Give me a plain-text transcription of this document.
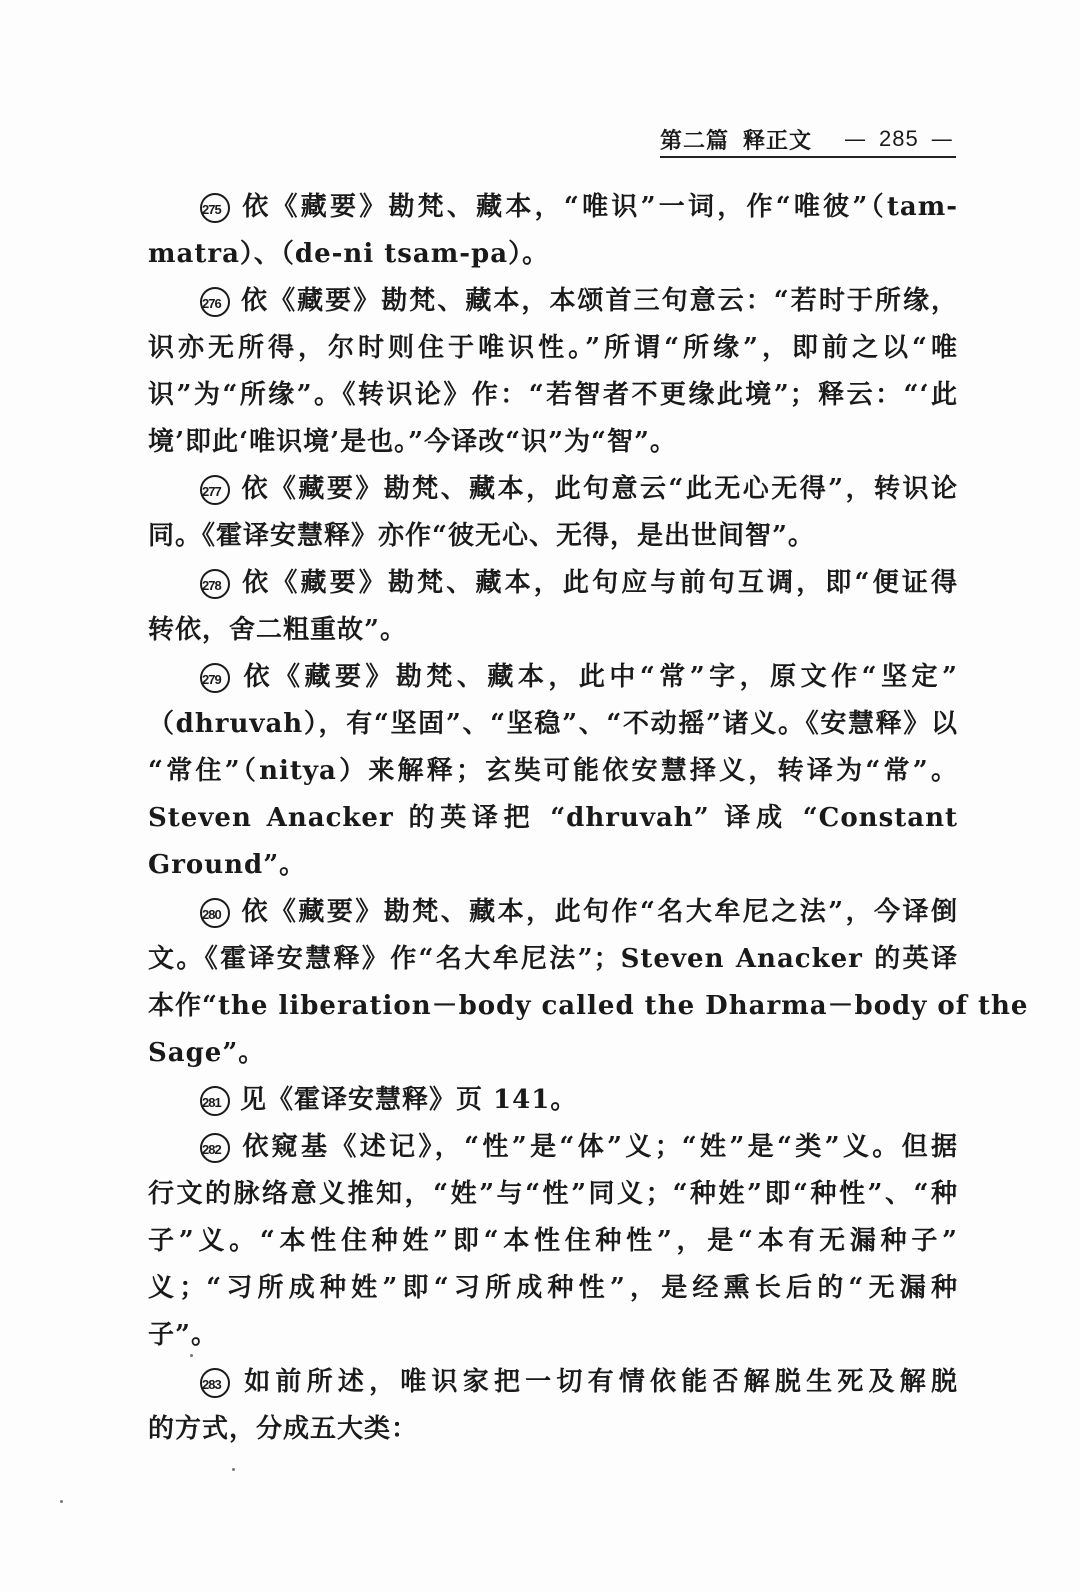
第二篇 释正文 — 285 —
275 依《藏要》勘梵、藏本，“唯识”一词，作“唯彼”（tam-
matra）、（de-ni tsam-pa）。
276 依《藏要》勘梵、藏本，本颂首三句意云：“若时于所缘，
识亦无所得，尔时则住于唯识性。”所谓“所缘”，即前之以“唯
识”为“所缘”。《转识论》作：“若智者不更缘此境”；释云：“‘此
境’即此‘唯识境’是也。”今译改“识”为“智”。
277 依《藏要》勘梵、藏本，此句意云“此无心无得”，转识论
同。《霍译安慧释》亦作“彼无心、无得，是出世间智”。
278 依《藏要》勘梵、藏本，此句应与前句互调，即“便证得
转依，舍二粗重故”。
279 依《藏要》勘梵、藏本，此中“常”字，原文作“坚定”
（dhruvah），有“坚固”、“坚稳”、“不动摇”诸义。《安慧释》以
“常住”（nitya）来解释；玄奘可能依安慧择义，转译为“常”。
Steven Anacker 的英译把 “dhruvah” 译成 “Constant
Ground”。
280 依《藏要》勘梵、藏本，此句作“名大牟尼之法”，今译倒
文。《霍译安慧释》作“名大牟尼法”；Steven Anacker 的英译
本作“the liberation－body called the Dharma－body of the
Sage”。
281 见《霍译安慧释》页 141。
282 依窥基《述记》，“性”是“体”义；“姓”是“类”义。但据
行文的脉络意义推知，“姓”与“性”同义；“种姓”即“种性”、“种
子”义。“本性住种姓”即“本性住种性”，是“本有无漏种子”
义；“习所成种姓”即“习所成种性”，是经熏长后的“无漏种
子”。
283 如前所述，唯识家把一切有情依能否解脱生死及解脱
的方式，分成五大类：
